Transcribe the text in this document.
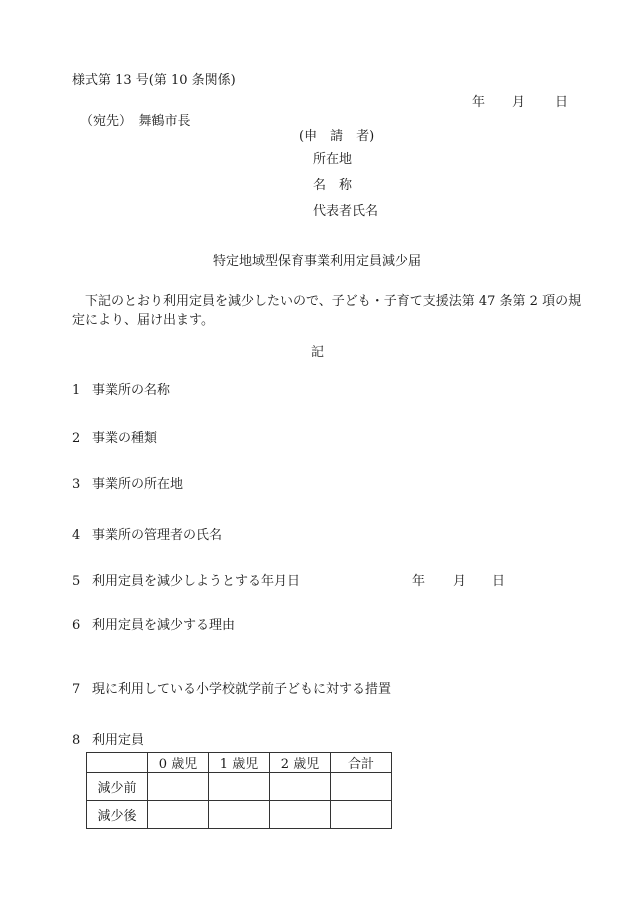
様式第 13 号(第 10 条関係)
年 月 日
（宛先）　舞鶴市長
(申　請　者)
所在地
名　称
代表者氏名
特定地域型保育事業利用定員減少届
下記のとおり利用定員を減少したいので、子ども・子育て支援法第 47 条第 2 項の規定により、届け出ます。
記
1 事業所の名称
2 事業の種類
3 事業所の所在地
4 事業所の管理者の氏名
5 利用定員を減少しようとする年月日	年 月 日
6 利用定員を減少する理由
7 現に利用している小学校就学前子どもに対する措置
8 利用定員
	0 歳児	1 歳児	2 歳児	合計
減少前				
減少後				
